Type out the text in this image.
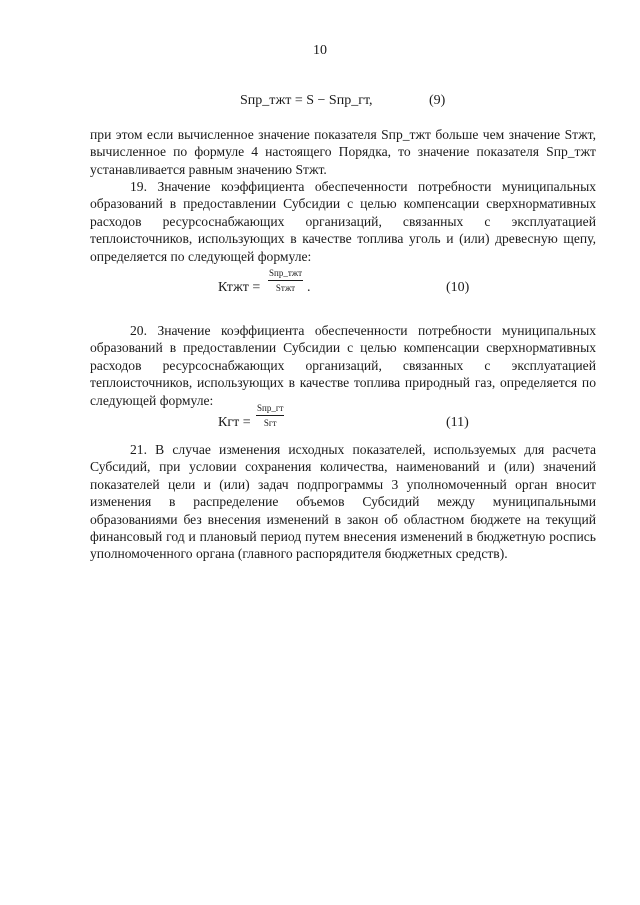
10
Sпр_тжт = S − Sпр_гт,	(9)

при этом если вычисленное значение показателя Sпр_тжт больше чем значение Sтжт, вычисленное по формуле 4 настоящего Порядка, то значение показателя Sпр_тжт устанавливается равным значению Sтжт.

19. Значение коэффициента обеспеченности потребности муниципальных образований в предоставлении Субсидии с целью компенсации сверхнормативных расходов ресурсоснабжающих организаций, связанных с эксплуатацией теплоисточников, использующих в качестве топлива уголь и (или) древесную щепу, определяется по следующей формуле:

Ктжт =
Sпр_тжт
Sтжт .	(10)

20. Значение коэффициента обеспеченности потребности муниципальных образований в предоставлении Субсидии с целью компенсации сверхнормативных расходов ресурсоснабжающих организаций, связанных с эксплуатацией теплоисточников, использующих в качестве топлива природный газ, определяется по следующей формуле:

Кгт =
Sпр_гт
Sгт	(11)

21. В случае изменения исходных показателей, используемых для расчета Субсидий, при условии сохранения количества, наименований и (или) значений показателей цели и (или) задач подпрограммы 3 уполномоченный орган вносит изменения в распределение объемов Субсидий между муниципальными образованиями без внесения изменений в закон об областном бюджете на текущий финансовый год и плановый период путем внесения изменений в бюджетную роспись уполномоченного органа (главного распорядителя бюджетных средств).
